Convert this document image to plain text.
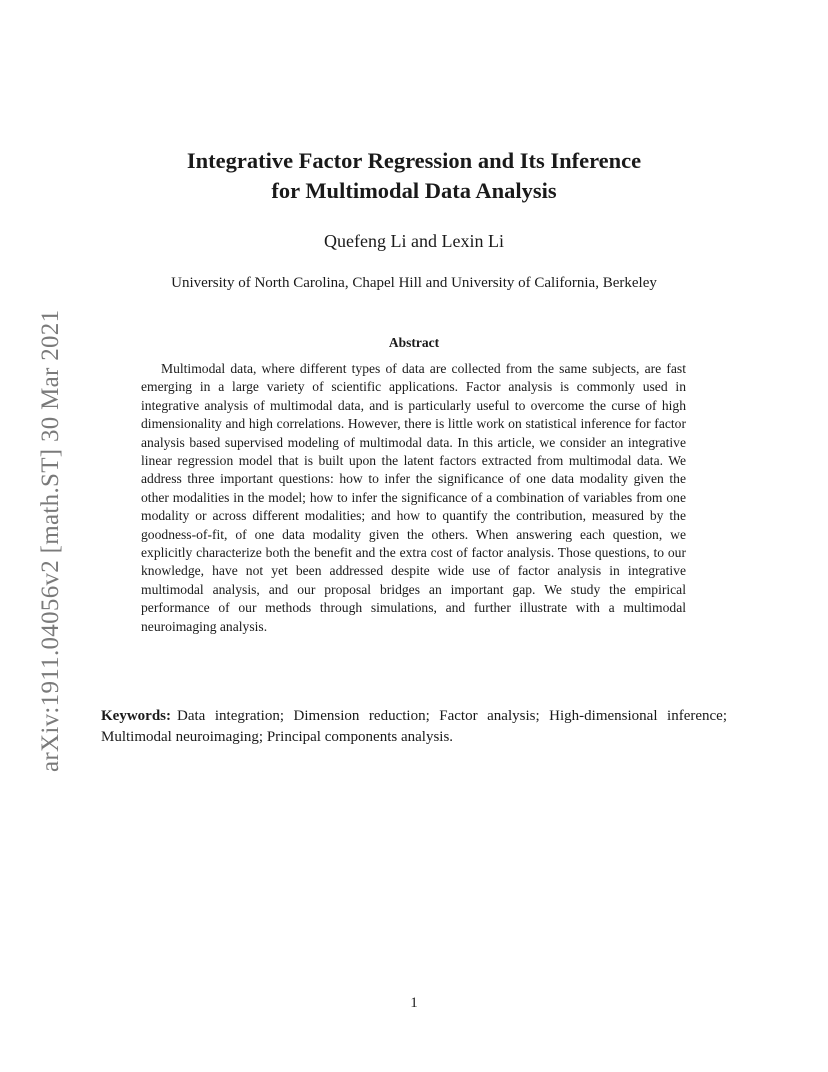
arXiv:1911.04056v2 [math.ST] 30 Mar 2021
Integrative Factor Regression and Its Inference
for Multimodal Data Analysis
Quefeng Li and Lexin Li
University of North Carolina, Chapel Hill and University of California, Berkeley
Abstract
Multimodal data, where different types of data are collected from the same subjects, are fast emerging in a large variety of scientific applications. Factor analysis is commonly used in integrative analysis of multimodal data, and is particularly useful to overcome the curse of high dimensionality and high correlations. However, there is little work on statistical inference for factor analysis based supervised modeling of multimodal data. In this article, we consider an integrative linear regression model that is built upon the latent factors extracted from multimodal data. We address three important questions: how to infer the significance of one data modality given the other modalities in the model; how to infer the significance of a combination of variables from one modality or across different modalities; and how to quantify the contribution, measured by the goodness-of-fit, of one data modality given the others. When answering each question, we explicitly characterize both the benefit and the extra cost of factor analysis. Those questions, to our knowledge, have not yet been addressed despite wide use of factor analysis in integrative multimodal analysis, and our proposal bridges an important gap. We study the empirical performance of our methods through simulations, and further illustrate with a multimodal neuroimaging analysis.
Keywords: Data integration; Dimension reduction; Factor analysis; High-dimensional inference; Multimodal neuroimaging; Principal components analysis.
1
